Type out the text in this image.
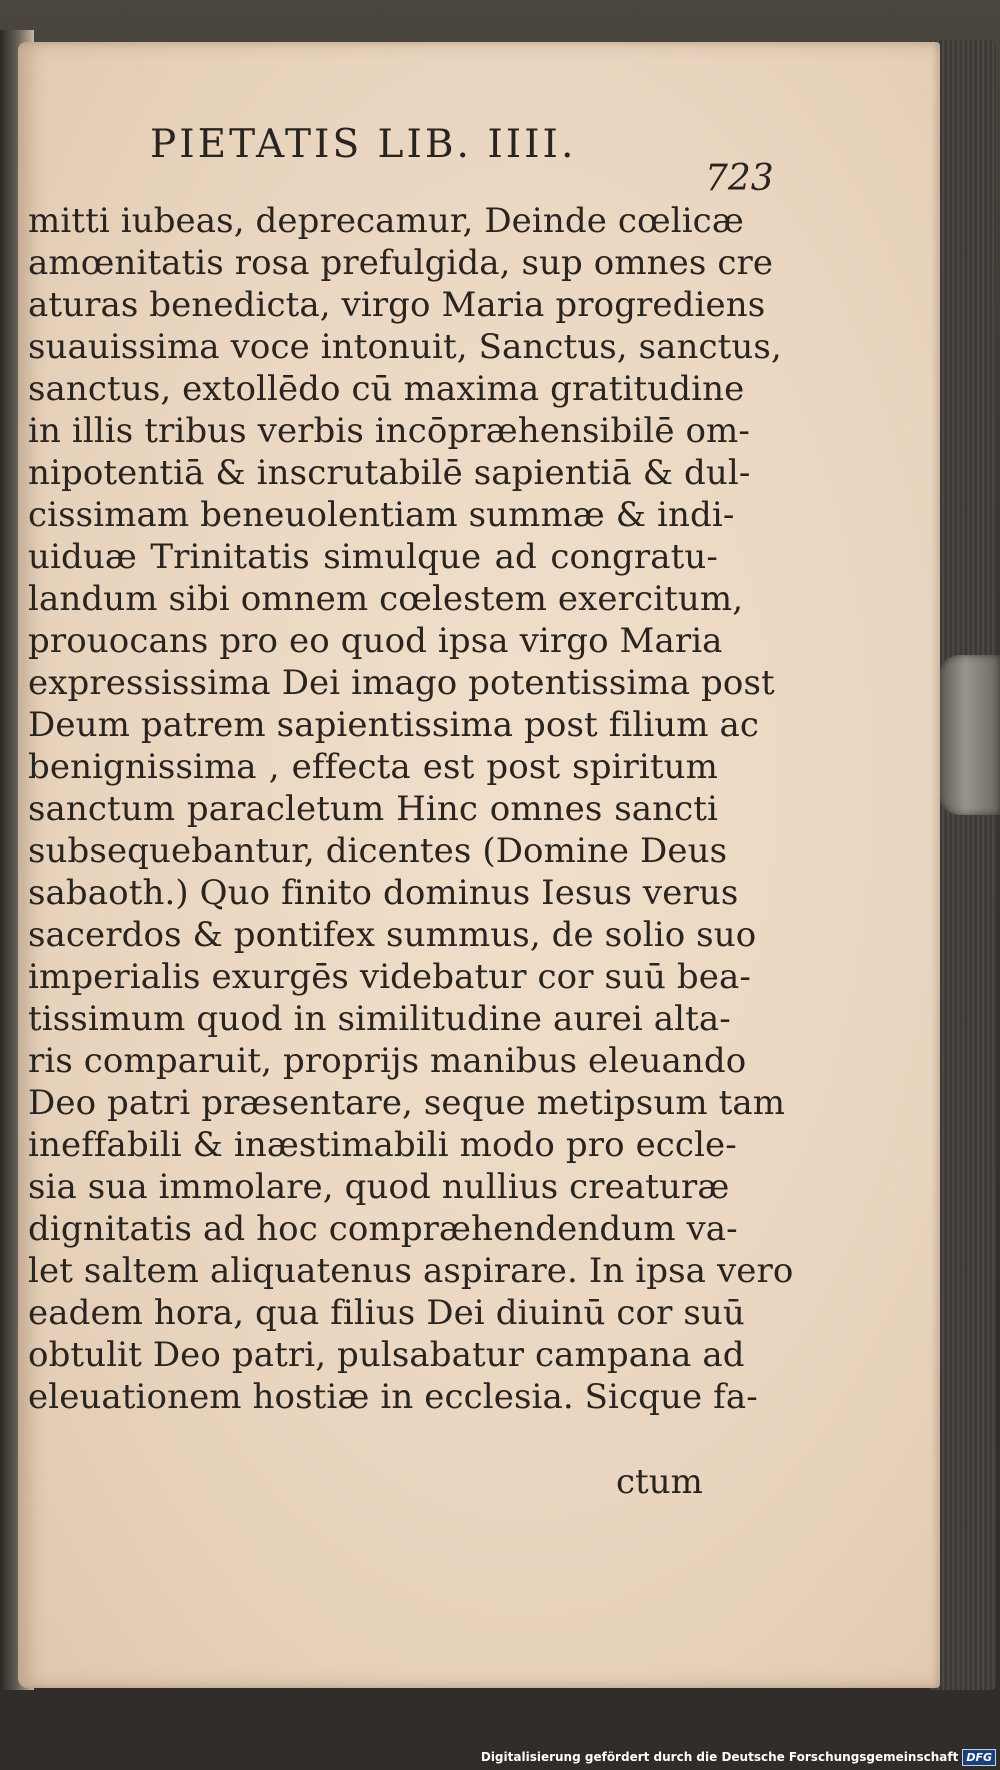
PIETATIS LIB. IIII.
723
mitti iubeas, deprecamur, Deinde cœlicæ
amœnitatis rosa prefulgida, sup omnes cre
aturas benedicta, virgo Maria progrediens
suauissima voce intonuit, Sanctus, sanctus,
sanctus, extollēdo cū maxima gratitudine
in illis tribus verbis incōpræhensibilē om-
nipotentiā & inscrutabilē sapientiā & dul-
cissimam beneuolentiam summæ & indi-
uiduæ Trinitatis simulque ad congratu-
landum sibi omnem cœlestem exercitum,
prouocans pro eo quod ipsa virgo Maria
expressissima Dei imago potentissima post
Deum patrem sapientissima post filium ac
benignissima , effecta est post spiritum
sanctum paracletum Hinc omnes sancti
subsequebantur, dicentes (Domine Deus
sabaoth.) Quo finito dominus Iesus verus
sacerdos & pontifex summus, de solio suo
imperialis exurgēs videbatur cor suū bea-
tissimum quod in similitudine aurei alta-
ris comparuit, proprijs manibus eleuando
Deo patri præsentare, seque metipsum tam
ineffabili & inæstimabili modo pro eccle-
sia sua immolare, quod nullius creaturæ
dignitatis ad hoc compræhendendum va-
let saltem aliquatenus aspirare. In ipsa vero
eadem hora, qua filius Dei diuinū cor suū
obtulit Deo patri, pulsabatur campana ad
eleuationem hostiæ in ecclesia. Sicque fa-
ctum
Digitalisierung gefördert durch die Deutsche Forschungsgemeinschaft DFG
